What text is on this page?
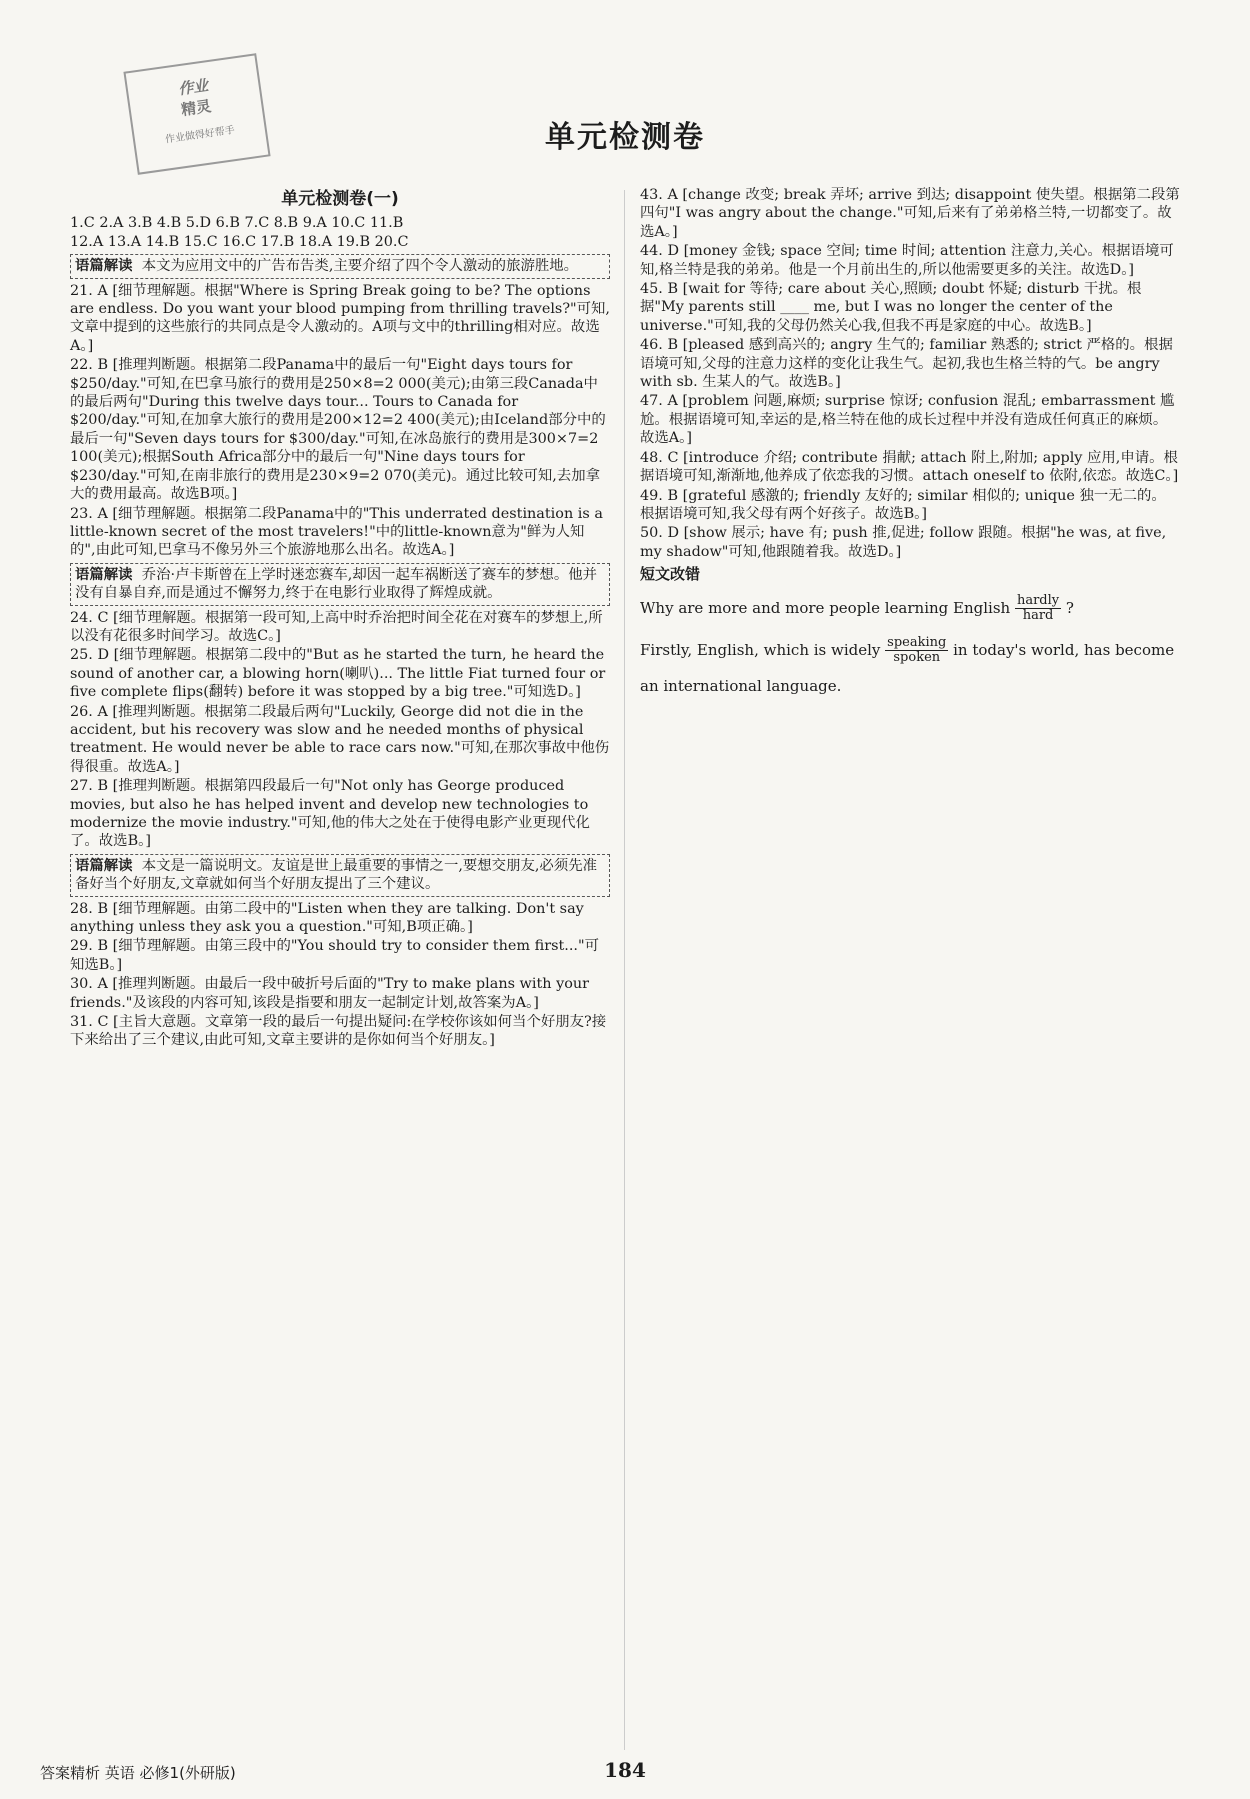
作业
精灵
作业做得好帮手	单元检测卷
单元检测卷(一)

1.C 2.A 3.B 4.B 5.D 6.B 7.C 8.B 9.A 10.C 11.B

12.A 13.A 14.B 15.C 16.C 17.B 18.A 19.B 20.C

语篇解读 本文为应用文中的广告布告类,主要介绍了四个令人激动的旅游胜地。

21. A [细节理解题。根据"Where is Spring Break going to be? The options are endless. Do you want your blood pumping from thrilling travels?"可知,文章中提到的这些旅行的共同点是令人激动的。A项与文中的thrilling相对应。故选A。]

22. B [推理判断题。根据第二段Panama中的最后一句"Eight days tours for $250/day."可知,在巴拿马旅行的费用是250×8=2 000(美元);由第三段Canada中的最后两句"During this twelve days tour... Tours to Canada for $200/day."可知,在加拿大旅行的费用是200×12=2 400(美元);由Iceland部分中的最后一句"Seven days tours for $300/day."可知,在冰岛旅行的费用是300×7=2 100(美元);根据South Africa部分中的最后一句"Nine days tours for $230/day."可知,在南非旅行的费用是230×9=2 070(美元)。通过比较可知,去加拿大的费用最高。故选B项。]

23. A [细节理解题。根据第二段Panama中的"This underrated destination is a little-known secret of the most travelers!"中的little-known意为"鲜为人知的",由此可知,巴拿马不像另外三个旅游地那么出名。故选A。]

语篇解读 乔治·卢卡斯曾在上学时迷恋赛车,却因一起车祸断送了赛车的梦想。他并没有自暴自弃,而是通过不懈努力,终于在电影行业取得了辉煌成就。

24. C [细节理解题。根据第一段可知,上高中时乔治把时间全花在对赛车的梦想上,所以没有花很多时间学习。故选C。]

25. D [细节理解题。根据第二段中的"But as he started the turn, he heard the sound of another car, a blowing horn(喇叭)... The little Fiat turned four or five complete flips(翻转) before it was stopped by a big tree."可知选D。]

26. A [推理判断题。根据第二段最后两句"Luckily, George did not die in the accident, but his recovery was slow and he needed months of physical treatment. He would never be able to race cars now."可知,在那次事故中他伤得很重。故选A。]

27. B [推理判断题。根据第四段最后一句"Not only has George produced movies, but also he has helped invent and develop new technologies to modernize the movie industry."可知,他的伟大之处在于使得电影产业更现代化了。故选B。]

语篇解读 本文是一篇说明文。友谊是世上最重要的事情之一,要想交朋友,必须先准备好当个好朋友,文章就如何当个好朋友提出了三个建议。

28. B [细节理解题。由第二段中的"Listen when they are talking. Don't say anything unless they ask you a question."可知,B项正确。]

29. B [细节理解题。由第三段中的"You should try to consider them first..."可知选B。]

30. A [推理判断题。由最后一段中破折号后面的"Try to make plans with your friends."及该段的内容可知,该段是指要和朋友一起制定计划,故答案为A。]

31. C [主旨大意题。文章第一段的最后一句提出疑问:在学校你该如何当个好朋友?接下来给出了三个建议,由此可知,文章主要讲的是你如何当个好朋友。]

43. A [change 改变; break 弄坏; arrive 到达; disappoint 使失望。根据第二段第四句"I was angry about the change."可知,后来有了弟弟格兰特,一切都变了。故选A。]

44. D [money 金钱; space 空间; time 时间; attention 注意力,关心。根据语境可知,格兰特是我的弟弟。他是一个月前出生的,所以他需要更多的关注。故选D。]

45. B [wait for 等待; care about 关心,照顾; doubt 怀疑; disturb 干扰。根据"My parents still ____ me, but I was no longer the center of the universe."可知,我的父母仍然关心我,但我不再是家庭的中心。故选B。]

46. B [pleased 感到高兴的; angry 生气的; familiar 熟悉的; strict 严格的。根据语境可知,父母的注意力这样的变化让我生气。起初,我也生格兰特的气。be angry with sb. 生某人的气。故选B。]

47. A [problem 问题,麻烦; surprise 惊讶; confusion 混乱; embarrassment 尴尬。根据语境可知,幸运的是,格兰特在他的成长过程中并没有造成任何真正的麻烦。故选A。]

48. C [introduce 介绍; contribute 捐献; attach 附上,附加; apply 应用,申请。根据语境可知,渐渐地,他养成了依恋我的习惯。attach oneself to 依附,依恋。故选C。]

49. B [grateful 感激的; friendly 友好的; similar 相似的; unique 独一无二的。根据语境可知,我父母有两个好孩子。故选B。]

50. D [show 展示; have 有; push 推,促进; follow 跟随。根据"he was, at five, my shadow"可知,他跟随着我。故选D。]

短文改错
Why are more and more people learning English $\frac{\text{hardly}}{\text{hard}}$ ?
Firstly, English, which is widely $\frac{\text{speaking}}{\text{spoken}}$ in today's world, has become an international language.
答案精析 英语 必修1(外研版)	184
